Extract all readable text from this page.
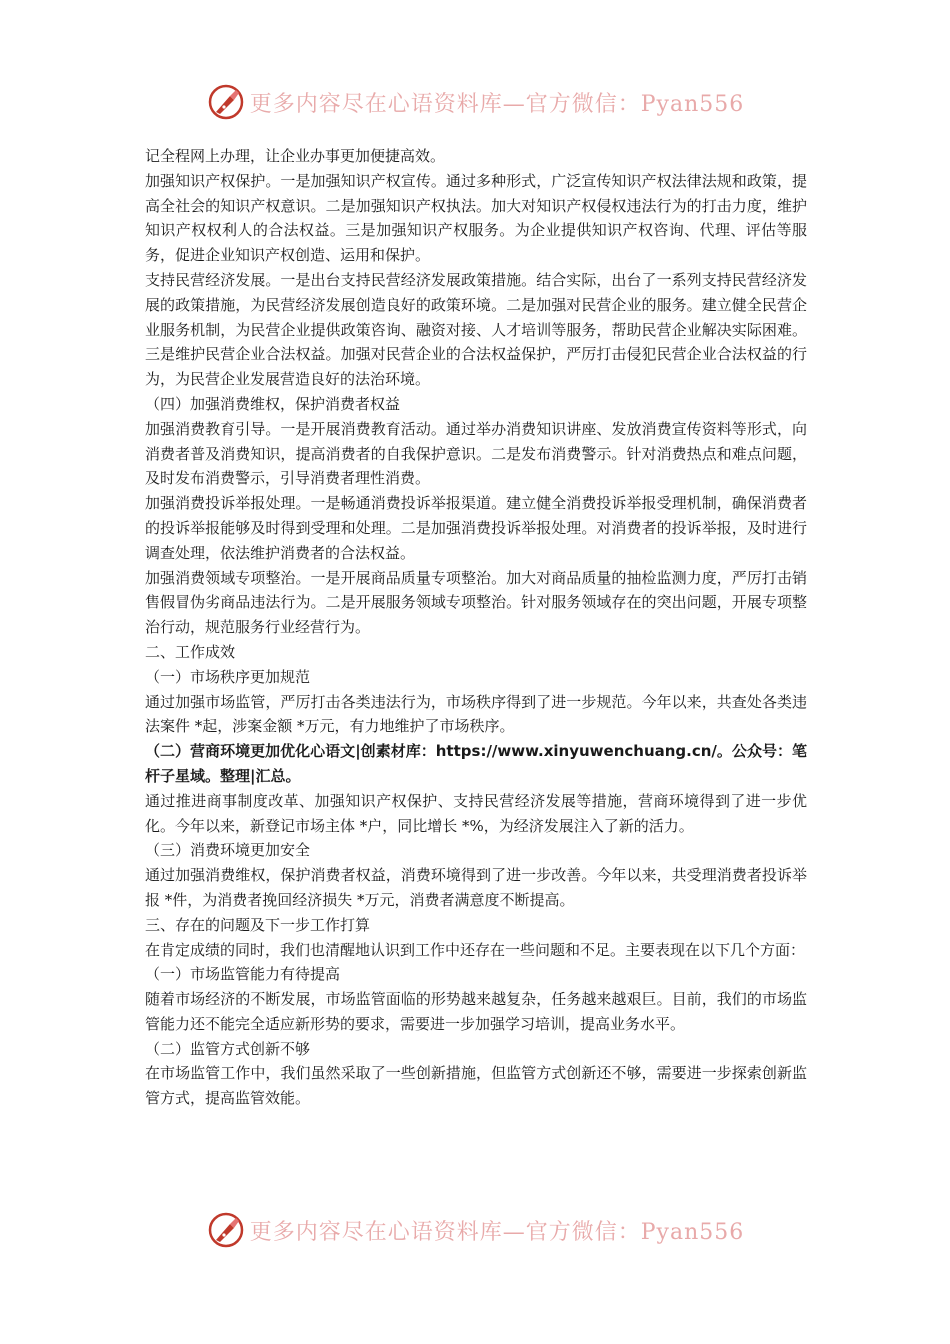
更多内容尽在心语资料库—官方微信：Pyan556

记全程网上办理，让企业办事更加便捷高效。

加强知识产权保护。一是加强知识产权宣传。通过多种形式，广泛宣传知识产权法律法规和政策，提高全社会的知识产权意识。二是加强知识产权执法。加大对知识产权侵权违法行为的打击力度，维护知识产权权利人的合法权益。三是加强知识产权服务。为企业提供知识产权咨询、代理、评估等服务，促进企业知识产权创造、运用和保护。

支持民营经济发展。一是出台支持民营经济发展政策措施。结合实际，出台了一系列支持民营经济发展的政策措施，为民营经济发展创造良好的政策环境。二是加强对民营企业的服务。建立健全民营企业服务机制，为民营企业提供政策咨询、融资对接、人才培训等服务，帮助民营企业解决实际困难。三是维护民营企业合法权益。加强对民营企业的合法权益保护，严厉打击侵犯民营企业合法权益的行为，为民营企业发展营造良好的法治环境。

（四）加强消费维权，保护消费者权益

加强消费教育引导。一是开展消费教育活动。通过举办消费知识讲座、发放消费宣传资料等形式，向消费者普及消费知识，提高消费者的自我保护意识。二是发布消费警示。针对消费热点和难点问题，及时发布消费警示，引导消费者理性消费。

加强消费投诉举报处理。一是畅通消费投诉举报渠道。建立健全消费投诉举报受理机制，确保消费者的投诉举报能够及时得到受理和处理。二是加强消费投诉举报处理。对消费者的投诉举报，及时进行调查处理，依法维护消费者的合法权益。

加强消费领域专项整治。一是开展商品质量专项整治。加大对商品质量的抽检监测力度，严厉打击销售假冒伪劣商品违法行为。二是开展服务领域专项整治。针对服务领域存在的突出问题，开展专项整治行动，规范服务行业经营行为。

二、工作成效

（一）市场秩序更加规范

通过加强市场监管，严厉打击各类违法行为，市场秩序得到了进一步规范。今年以来，共查处各类违法案件 *起，涉案金额 *万元，有力地维护了市场秩序。

（二）营商环境更加优化心语文|创素材库：https://www.xinyuwenchuang.cn/。公众号：笔杆子星域。整理|汇总。

通过推进商事制度改革、加强知识产权保护、支持民营经济发展等措施，营商环境得到了进一步优化。今年以来，新登记市场主体 *户，同比增长 *%，为经济发展注入了新的活力。

（三）消费环境更加安全

通过加强消费维权，保护消费者权益，消费环境得到了进一步改善。今年以来，共受理消费者投诉举报 *件，为消费者挽回经济损失 *万元，消费者满意度不断提高。

三、存在的问题及下一步工作打算

在肯定成绩的同时，我们也清醒地认识到工作中还存在一些问题和不足。主要表现在以下几个方面：

（一）市场监管能力有待提高

随着市场经济的不断发展，市场监管面临的形势越来越复杂，任务越来越艰巨。目前，我们的市场监管能力还不能完全适应新形势的要求，需要进一步加强学习培训，提高业务水平。

（二）监管方式创新不够

在市场监管工作中，我们虽然采取了一些创新措施，但监管方式创新还不够，需要进一步探索创新监管方式，提高监管效能。

更多内容尽在心语资料库—官方微信：Pyan556
